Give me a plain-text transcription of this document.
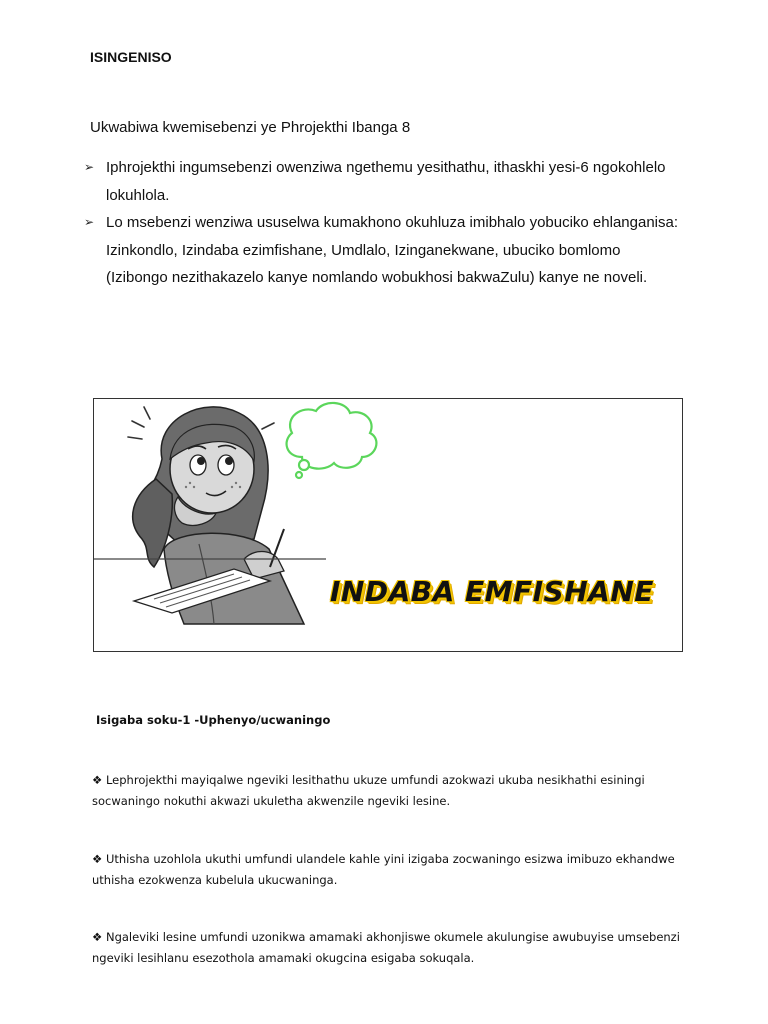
ISINGENISO

Ukwabiwa kwemisebenzi ye Phrojekthi Ibanga 8

➢ Iphrojekthi ingumsebenzi owenziwa ngethemu yesithathu, ithaskhi yesi-6 ngokohlelo lokuhlola.
➢ Lo msebenzi wenziwa ususelwa kumakhono okuhluza imibhalo yobuciko ehlanganisa: Izinkondlo, Izindaba ezimfishane, Umdlalo, Izinganekwane, ubuciko bomlomo (Izibongo nezithakazelo kanye nomlando wobukhosi bakwaZulu) kanye ne noveli.
INDABA EMFISHANE

Isigaba soku-1 -Uphenyo/ucwaningo

❖ Lephrojekthi mayiqalwe ngeviki lesithathu ukuze umfundi azokwazi ukuba nesikhathi esiningi socwaningo nokuthi akwazi ukuletha akwenzile ngeviki lesine.

❖ Uthisha uzohlola ukuthi umfundi ulandele kahle yini izigaba zocwaningo esizwa imibuzo ekhandwe uthisha ezokwenza kubelula ukucwaninga.

❖ Ngaleviki lesine umfundi uzonikwa amamaki akhonjiswe okumele akulungise awubuyise umsebenzi ngeviki lesihlanu esezothola amamaki okugcina esigaba sokuqala.
